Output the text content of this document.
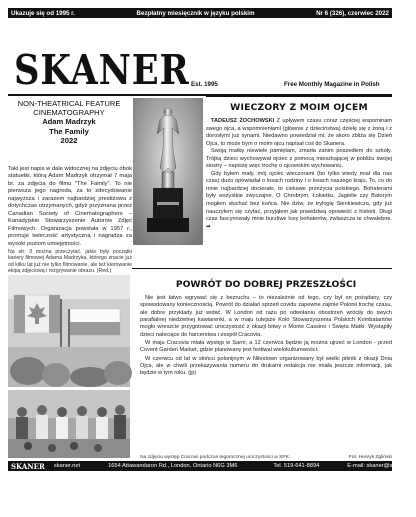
Ukazuje się od 1995 r.	Bezpłatny miesięcznik w języku polskim	Nr 6 (326), czerwiec 2022
SKANER Est. 1995	Free Monthly Magazine in Polish
NON-THEATRICAL FEATURE
CINEMATOGRAPHY
Adam Madrzyk
The Family
2022
Taki jest napis w dale widocznej na zdjęciu obok statuetki, którą Adam Madrzyk otrzymał 7 maja br. za zdjęcia do filmu "The Family". To nie pierwsza jego nagroda, za to zdecydowanie najwyższa i zarazem najbardziej prestiżowa z dotychczas otrzymanych, gdyż przyznana przez Canadian Society of Cinematographers – Kanadyjskie Stowarzyszenie Autorów Zdjęć Filmowych. Organizacja powstała w 1957 r., promuje twórczość artystyczną i nagradza za wysoki poziom umiejętności.
Na str. 3 można przeczytać, jakie były początki kariery filmowej Adama Madrzyka, którego znacie już od kilku lat już nie tylko filmowanie, ale też kierowanie ekipą zdjęciową i rozgrywanie obrazu. (Red.)
WIECZORY Z MOIM OJCEM

TADEUSZ ŻOCHOWSKI Z upływem czasu coraz częściej wspominam swego ojca, a wspomnieniami (głównie z dzieciństwa) dzielę się z żoną i z dorosłymi już synami. Niedawno powiedział mi, że skoro zbliża się Dzień Ojca, to może bym o moim ojcu napisał coś do Skanera.

Swoją matkę niewiele pamiętam, zmarła zanim poszedłem do szkoły. Trójką dzieci wychowywał ojciec z pomocą mieszkającej w pobliżu swojej siostry – napiszę więc trochę o ojcowskim wychowaniu.

Gdy byłem mały, mój ojciec wieczorami (bo tylko wtedy miał dla nas czas) dużo opowiadał o losach rodziny i o losach naszego kraju. To, co do mnie najbardziej docierało, to ciekawe przeżycia polskiego. Bohaterami były wszystkie zwyczajne. O Chrobrym, Łokietku, Jagielle czy Batorym mogłem słuchać bez końca. Nie dziw, że trylogię Sienkiewicza, gdy już nauczyłem się czytać, przyjąłem jak prawdziwą opowieść z historii. Długi czas fascynowały mnie burzliwe losy bohaterów, zwłaszcza te chwalebne. ➡

POWRÓT DO DOBREJ PRZESZŁOŚCI

Nie jest łatwo wgrywać się z bezruchu – to niezależnie od tego, czy był on pożądany, czy spowodowany koniecznością. Powrót do działań sprzed covidu zapewne zajmie Polonii trochę czasu, ale dobre przykłady już widać. W London od razu po odwołaniu obostrzeń wróciły do swych parafialnej niedzielnej kawiarenki, a w maju tutejsze Koło Stowarzyszenia Polskich Kombatantów mogło wreszcie przygotować uroczystość z okazji bitwy o Monte Cassino i Święta Matki. Wystąpiły dzieci naleciące do harcerstwa i zespół Cracovia.

W maju Cracovia miała występ w Sarni, a 12 czerwca będzie ją można ujrzeć w London - przed Covent Garden Market, gdzie planowany jest festiwal wielokulturowości.

W czerwcu od lat w słońcu polonijnym w Nilestown organizowany był wielki piknik z okazji Dnia Ojca, ale w chwili przekazywania numeru do drukarni redakcja nie miała jeszcze informacji, jak będzie w tym roku. (jp)

Na zdjęciu występ Cracovii podczas tegorocznej uroczystości w SPK.	Fot. Henryk Zgliński
SKANER skaner.net	1654 Attawandaron Rd., London, Ontario N6G 3M6	Tel. 519-641-8894	E-mail: skaner@skaner.net
